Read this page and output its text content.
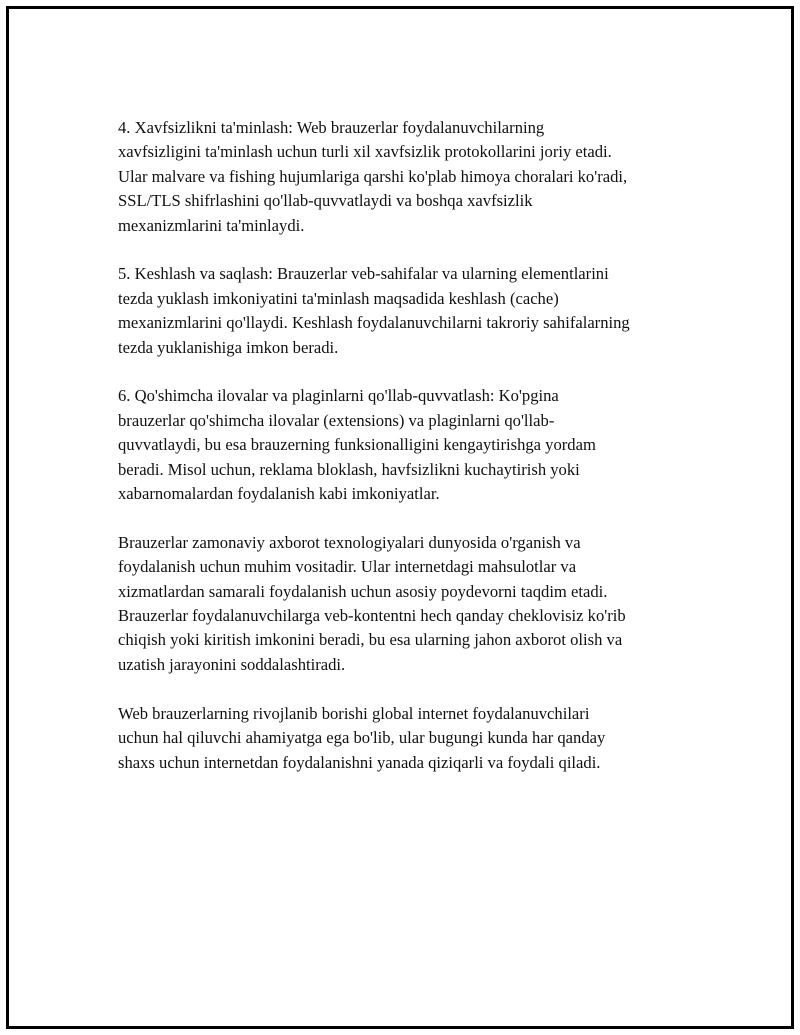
4. Xavfsizlikni ta'minlash: Web brauzerlar foydalanuvchilarning
xavfsizligini ta'minlash uchun turli xil xavfsizlik protokollarini joriy etadi.
Ular malvare va fishing hujumlariga qarshi ko'plab himoya choralari ko'radi,
SSL/TLS shifrlashini qo'llab-quvvatlaydi va boshqa xavfsizlik
mexanizmlarini ta'minlaydi.

5. Keshlash va saqlash: Brauzerlar veb-sahifalar va ularning elementlarini
tezda yuklash imkoniyatini ta'minlash maqsadida keshlash (cache)
mexanizmlarini qo'llaydi. Keshlash foydalanuvchilarni takroriy sahifalarning
tezda yuklanishiga imkon beradi.

6. Qo'shimcha ilovalar va plaginlarni qo'llab-quvvatlash: Ko'pgina
brauzerlar qo'shimcha ilovalar (extensions) va plaginlarni qo'llab-
quvvatlaydi, bu esa brauzerning funksionalligini kengaytirishga yordam
beradi. Misol uchun, reklama bloklash, havfsizlikni kuchaytirish yoki
xabarnomalardan foydalanish kabi imkoniyatlar.

Brauzerlar zamonaviy axborot texnologiyalari dunyosida o'rganish va
foydalanish uchun muhim vositadir. Ular internetdagi mahsulotlar va
xizmatlardan samarali foydalanish uchun asosiy poydevorni taqdim etadi.
Brauzerlar foydalanuvchilarga veb-kontentni hech qanday cheklovisiz ko'rib
chiqish yoki kiritish imkonini beradi, bu esa ularning jahon axborot olish va
uzatish jarayonini soddalashtiradi.

Web brauzerlarning rivojlanib borishi global internet foydalanuvchilari
uchun hal qiluvchi ahamiyatga ega bo'lib, ular bugungi kunda har qanday
shaxs uchun internetdan foydalanishni yanada qiziqarli va foydali qiladi.
